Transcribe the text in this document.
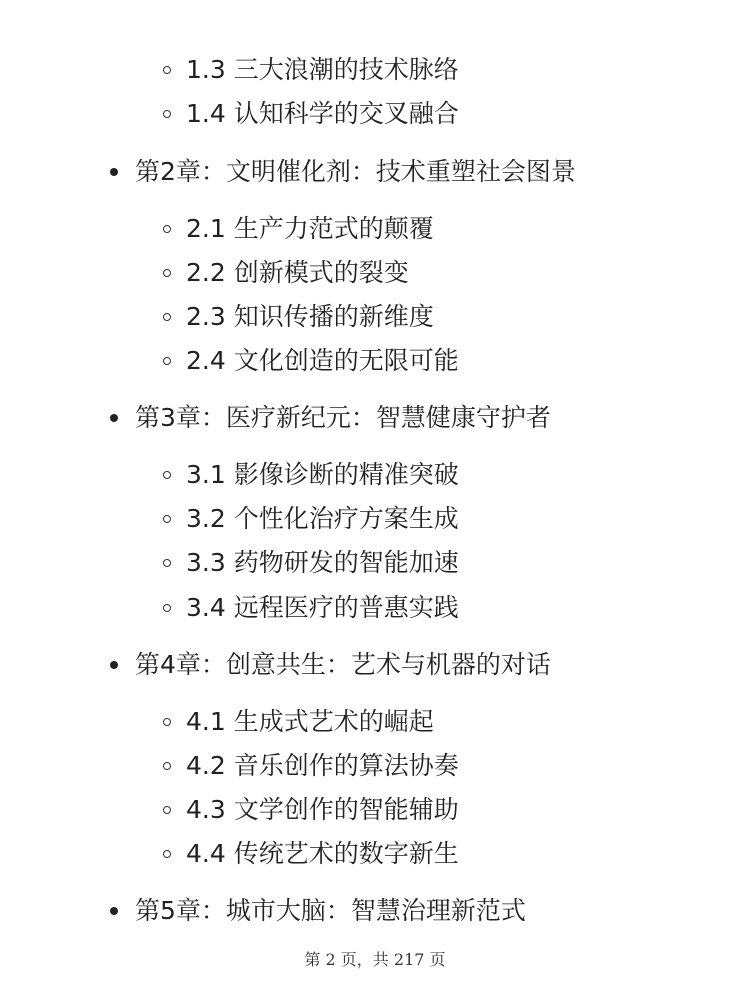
1.3 三大浪潮的技术脉络
1.4 认知科学的交叉融合
第2章：文明催化剂：技术重塑社会图景
2.1 生产力范式的颠覆
2.2 创新模式的裂变
2.3 知识传播的新维度
2.4 文化创造的无限可能
第3章：医疗新纪元：智慧健康守护者
3.1 影像诊断的精准突破
3.2 个性化治疗方案生成
3.3 药物研发的智能加速
3.4 远程医疗的普惠实践
第4章：创意共生：艺术与机器的对话
4.1 生成式艺术的崛起
4.2 音乐创作的算法协奏
4.3 文学创作的智能辅助
4.4 传统艺术的数字新生
第5章：城市大脑：智慧治理新范式
第 2 页，共 217 页
